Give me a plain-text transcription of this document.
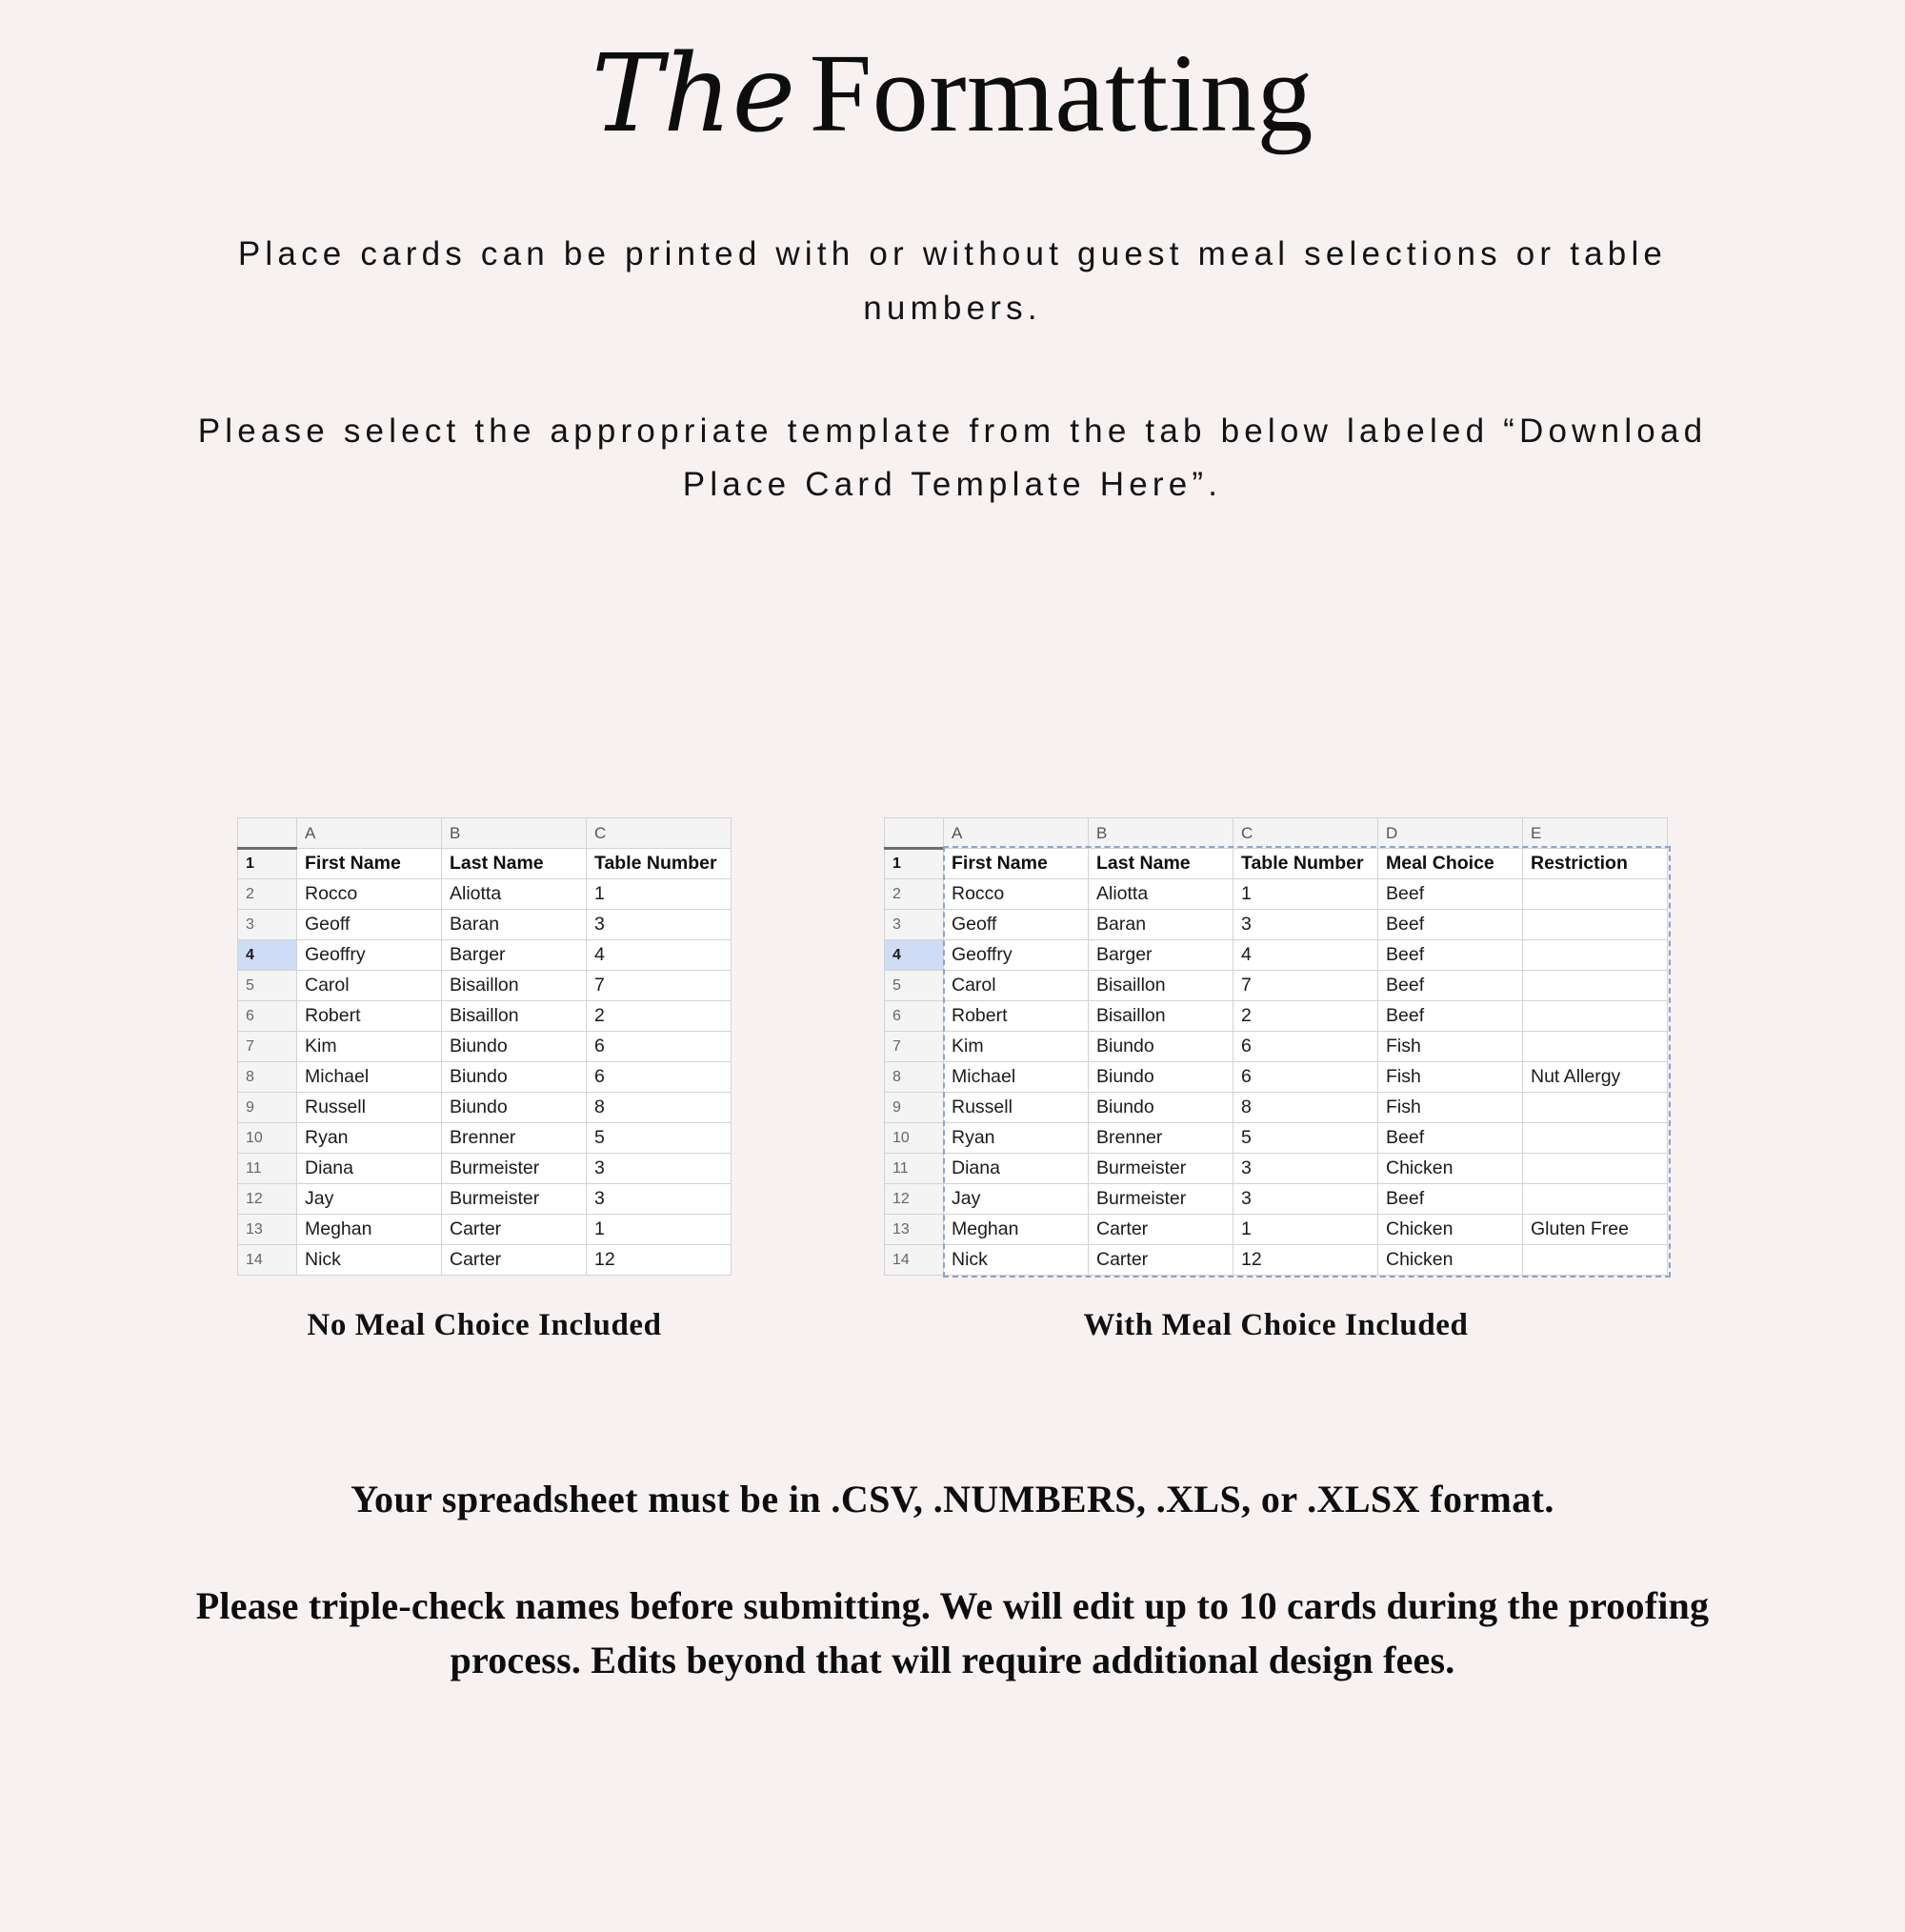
The Formatting
Place cards can be printed with or without guest meal selections or table numbers.
Please select the appropriate template from the tab below labeled “Download Place Card Template Here”.
	A	B	C
1	First Name	Last Name	Table Number
2	Rocco	Aliotta	1
3	Geoff	Baran	3
4	Geoffry	Barger	4
5	Carol	Bisaillon	7
6	Robert	Bisaillon	2
7	Kim	Biundo	6
8	Michael	Biundo	6
9	Russell	Biundo	8
10	Ryan	Brenner	5
11	Diana	Burmeister	3
12	Jay	Burmeister	3
13	Meghan	Carter	1
14	Nick	Carter	12
No Meal Choice Included
	A	B	C	D	E
1	First Name	Last Name	Table Number	Meal Choice	Restriction
2	Rocco	Aliotta	1	Beef	
3	Geoff	Baran	3	Beef	
4	Geoffry	Barger	4	Beef	
5	Carol	Bisaillon	7	Beef	
6	Robert	Bisaillon	2	Beef	
7	Kim	Biundo	6	Fish	
8	Michael	Biundo	6	Fish	Nut Allergy
9	Russell	Biundo	8	Fish	
10	Ryan	Brenner	5	Beef	
11	Diana	Burmeister	3	Chicken	
12	Jay	Burmeister	3	Beef	
13	Meghan	Carter	1	Chicken	Gluten Free
14	Nick	Carter	12	Chicken	
With Meal Choice Included
Your spreadsheet must be in .CSV, .NUMBERS, .XLS, or .XLSX format.
Please triple-check names before submitting. We will edit up to 10 cards during the proofing process. Edits beyond that will require additional design fees.
